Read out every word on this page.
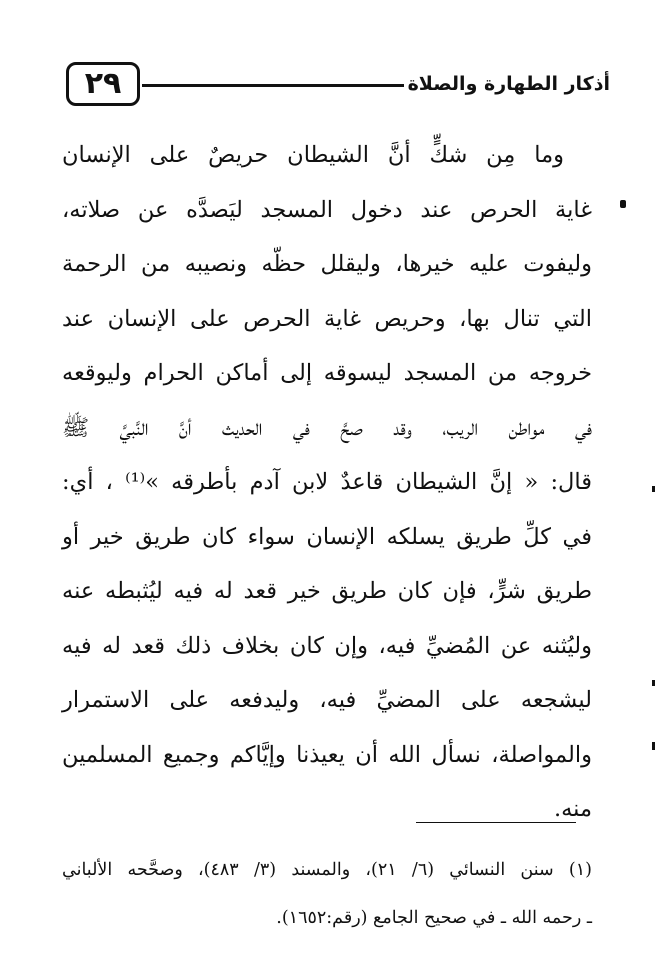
٢٩	أذكار الطهارة والصلاة
وما مِن شكٍّ أنَّ الشيطان حريصٌ على الإنسان
غاية الحرص عند دخول المسجد ليَصدَّه عن صلاته،
وليفوت عليه خيرها، وليقلل حظّه ونصيبه من الرحمة
التي تنال بها، وحريص غاية الحرص على الإنسان عند
خروجه من المسجد ليسوقه إلى أماكن الحرام وليوقعه
في مواطن الريب، وقد صحَّ في الحديث أنَّ النَّبيَّ ﷺ
قال: « إنَّ الشيطان قاعدٌ لابن آدم بأطرقه »⁽¹⁾ ، أي:
في كلِّ طريق يسلكه الإنسان سواء كان طريق خير أو
طريق شرٍّ، فإن كان طريق خير قعد له فيه ليُثبطه عنه
وليُثنه عن المُضيِّ فيه، وإن كان بخلاف ذلك قعد له فيه
ليشجعه على المضيِّ فيه، وليدفعه على الاستمرار
والمواصلة، نسأل الله أن يعيذنا وإيَّاكم وجميع المسلمين
منه.
(١) سنن النسائي (٦/ ٢١)، والمسند (٣/ ٤٨٣)، وصحَّحه الألباني
ـ رحمه الله ـ في صحيح الجامع (رقم:١٦٥٢).
